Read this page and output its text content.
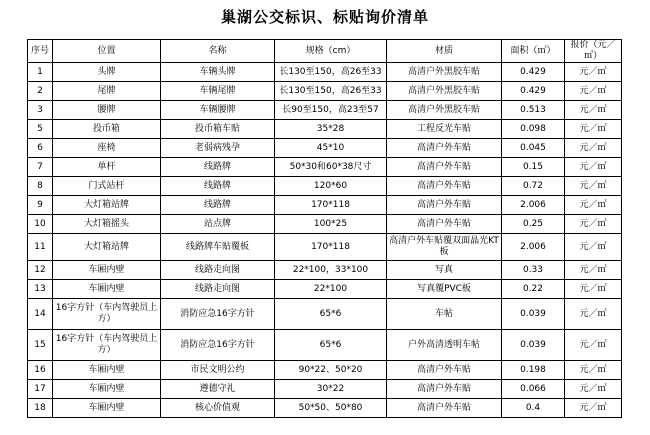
巢湖公交标识、标贴询价清单
序号	位置	名称	规格（cm）	材质	面积（㎡）	报价（元／㎡）
1	头牌	车辆头牌	长130至150，高26至33	高清户外黑胶车贴	0.429	元／㎡
2	尾牌	车辆尾牌	长130至150，高26至33	高清户外黑胶车贴	0.429	元／㎡
3	腰牌	车辆腰牌	长90至150，高23至57	高清户外黑胶车贴	0.513	元／㎡
5	投币箱	投币箱车贴	35*28	工程反光车贴	0.098	元／㎡
6	座椅	老弱病残孕	45*10	高清户外车贴	0.045	元／㎡
7	单杆	线路牌	50*30和60*38尺寸	高清户外车贴	0.15	元／㎡
8	门式站杆	线路牌	120*60	高清户外车贴	0.72	元／㎡
9	大灯箱站牌	线路牌	170*118	高清户外车贴	2.006	元／㎡
10	大灯箱摇头	站点牌	100*25	高清户外车贴	0.25	元／㎡
11	大灯箱站牌	线路牌车贴覆板	170*118	高清户外车贴覆双面晶光KT板	2.006	元／㎡
12	车厢内壁	线路走向图	22*100，33*100	写真	0.33	元／㎡
13	车厢内壁	线路走向图	22*100	写真覆PVC板	0.22	元／㎡
14	16字方针（车内驾驶员上方）	消防应急16字方针	65*6	车帖	0.039	元／㎡
15	16字方针（车内驾驶员上方）	消防应急16字方针	65*6	户外高清透明车帖	0.039	元／㎡
16	车厢内壁	市民文明公约	90*22、50*20	高清户外车贴	0.198	元／㎡
17	车厢内壁	遵德守礼	30*22	高清户外车贴	0.066	元／㎡
18	车厢内壁	核心价值观	50*50、50*80	高清户外车贴	0.4	元／㎡
